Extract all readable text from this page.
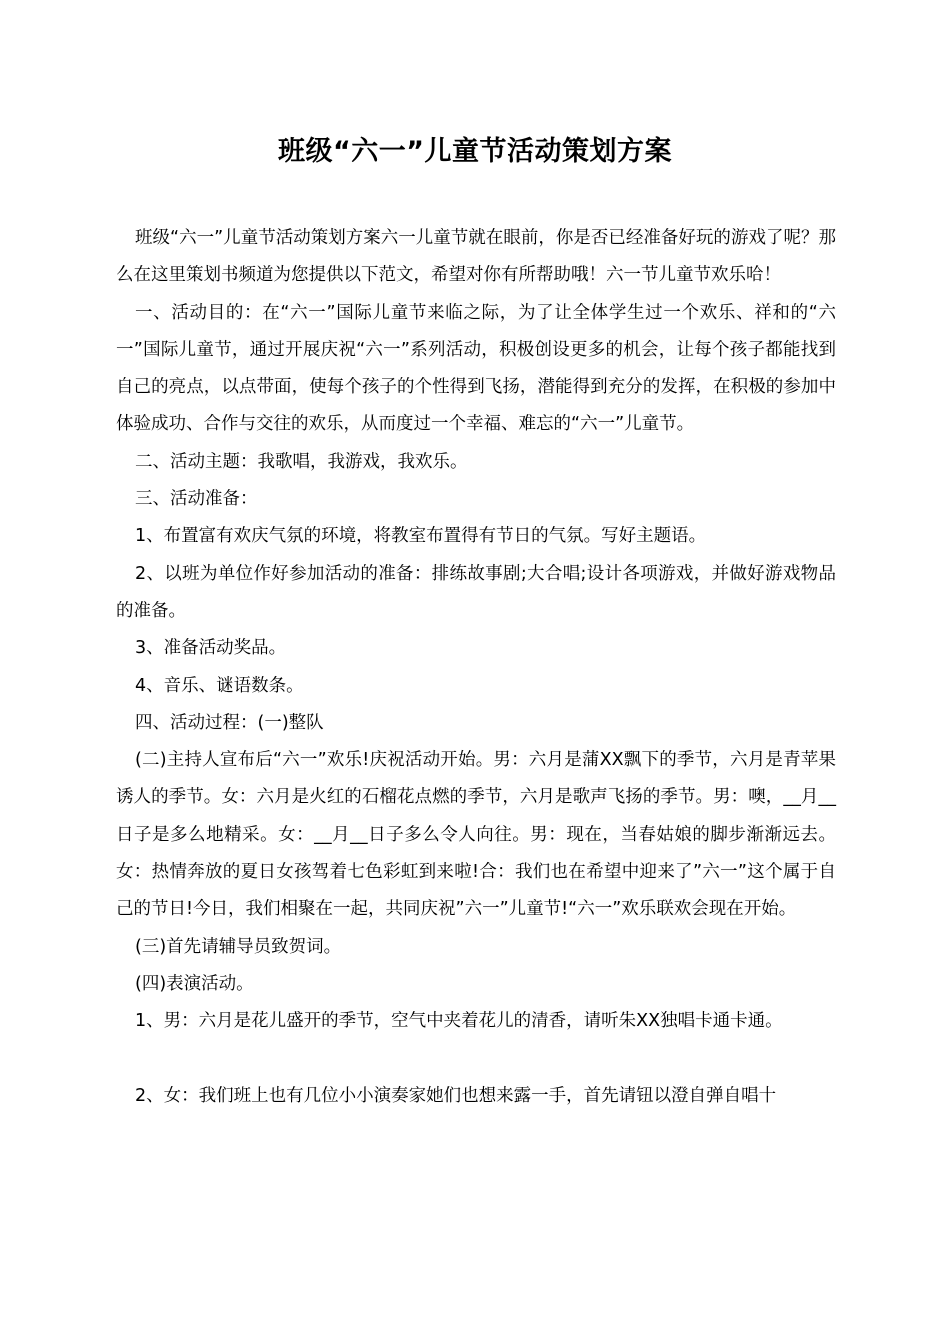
班级“六一”儿童节活动策划方案

班级“六一”儿童节活动策划方案六一儿童节就在眼前，你是否已经准备好玩的游戏了呢？那么在这里策划书频道为您提供以下范文，希望对你有所帮助哦！六一节儿童节欢乐哈！

一、活动目的：在“六一”国际儿童节来临之际，为了让全体学生过一个欢乐、祥和的“六一”国际儿童节，通过开展庆祝“六一”系列活动，积极创设更多的机会，让每个孩子都能找到自己的亮点，以点带面，使每个孩子的个性得到飞扬，潜能得到充分的发挥，在积极的参加中体验成功、合作与交往的欢乐，从而度过一个幸福、难忘的“六一”儿童节。

二、活动主题：我歌唱，我游戏，我欢乐。

三、活动准备：

1、布置富有欢庆气氛的环境，将教室布置得有节日的气氛。写好主题语。

2、以班为单位作好参加活动的准备：排练故事剧;大合唱;设计各项游戏，并做好游戏物品的准备。

3、准备活动奖品。

4、音乐、谜语数条。

四、活动过程：(一)整队

(二)主持人宣布后“六一”欢乐!庆祝活动开始。男：六月是蒲XX飘下的季节，六月是青苹果诱人的季节。女：六月是火红的石榴花点燃的季节，六月是歌声飞扬的季节。男：噢，__月__日子是多么地精采。女：__月__日子多么令人向往。男：现在，当春姑娘的脚步渐渐远去。女：热情奔放的夏日女孩驾着七色彩虹到来啦!合：我们也在希望中迎来了”六一”这个属于自己的节日!今日，我们相聚在一起，共同庆祝”六一”儿童节!“六一”欢乐联欢会现在开始。

(三)首先请辅导员致贺词。

(四)表演活动。

1、男：六月是花儿盛开的季节，空气中夹着花儿的清香，请听朱XX独唱卡通卡通。

2、女：我们班上也有几位小小演奏家她们也想来露一手，首先请钮以澄自弹自唱十
